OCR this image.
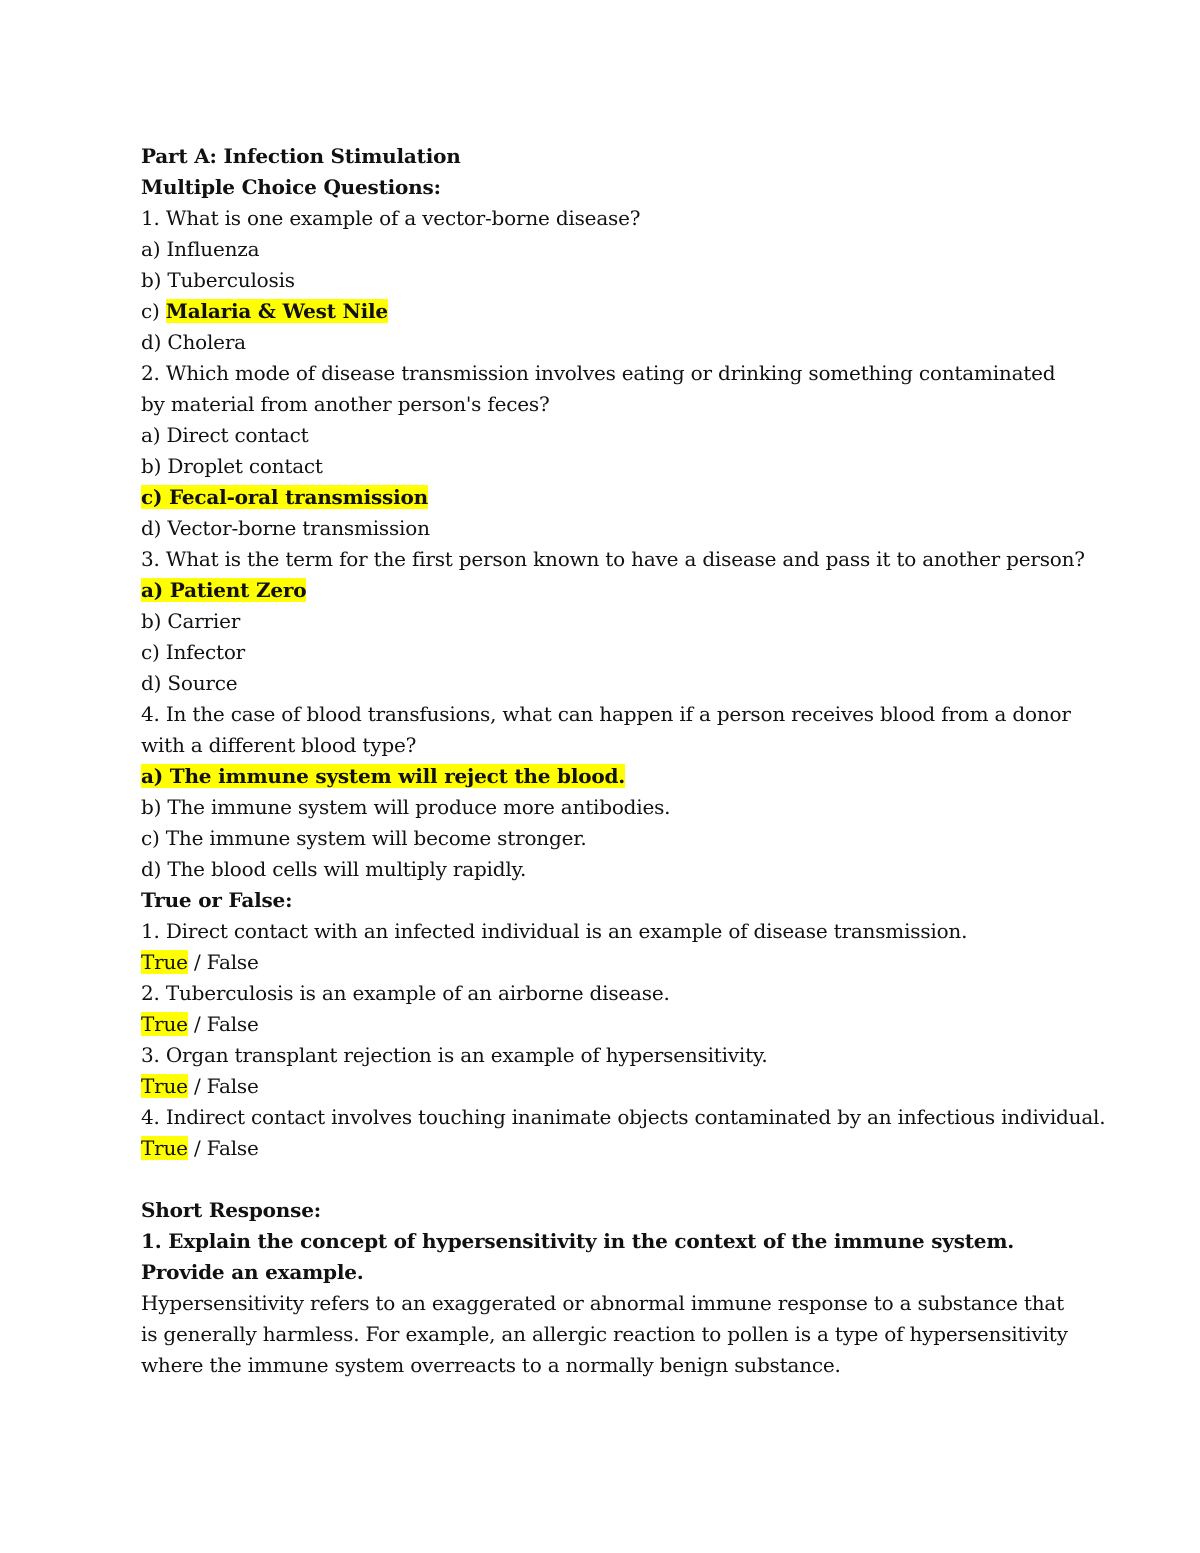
Part A: Infection Stimulation

Multiple Choice Questions:

1. What is one example of a vector-borne disease?

a) Influenza

b) Tuberculosis

c) Malaria & West Nile

d) Cholera

2. Which mode of disease transmission involves eating or drinking something contaminated by material from another person's feces?

a) Direct contact

b) Droplet contact

c) Fecal-oral transmission

d) Vector-borne transmission

3. What is the term for the first person known to have a disease and pass it to another person?

a) Patient Zero

b) Carrier

c) Infector

d) Source

4. In the case of blood transfusions, what can happen if a person receives blood from a donor with a different blood type?

a) The immune system will reject the blood.

b) The immune system will produce more antibodies.

c) The immune system will become stronger.

d) The blood cells will multiply rapidly.

True or False:

1. Direct contact with an infected individual is an example of disease transmission.

True / False

2. Tuberculosis is an example of an airborne disease.

True / False

3. Organ transplant rejection is an example of hypersensitivity.

True / False

4. Indirect contact involves touching inanimate objects contaminated by an infectious individual.

True / False

Short Response:

1. Explain the concept of hypersensitivity in the context of the immune system. Provide an example.

Hypersensitivity refers to an exaggerated or abnormal immune response to a substance that is generally harmless. For example, an allergic reaction to pollen is a type of hypersensitivity where the immune system overreacts to a normally benign substance.
